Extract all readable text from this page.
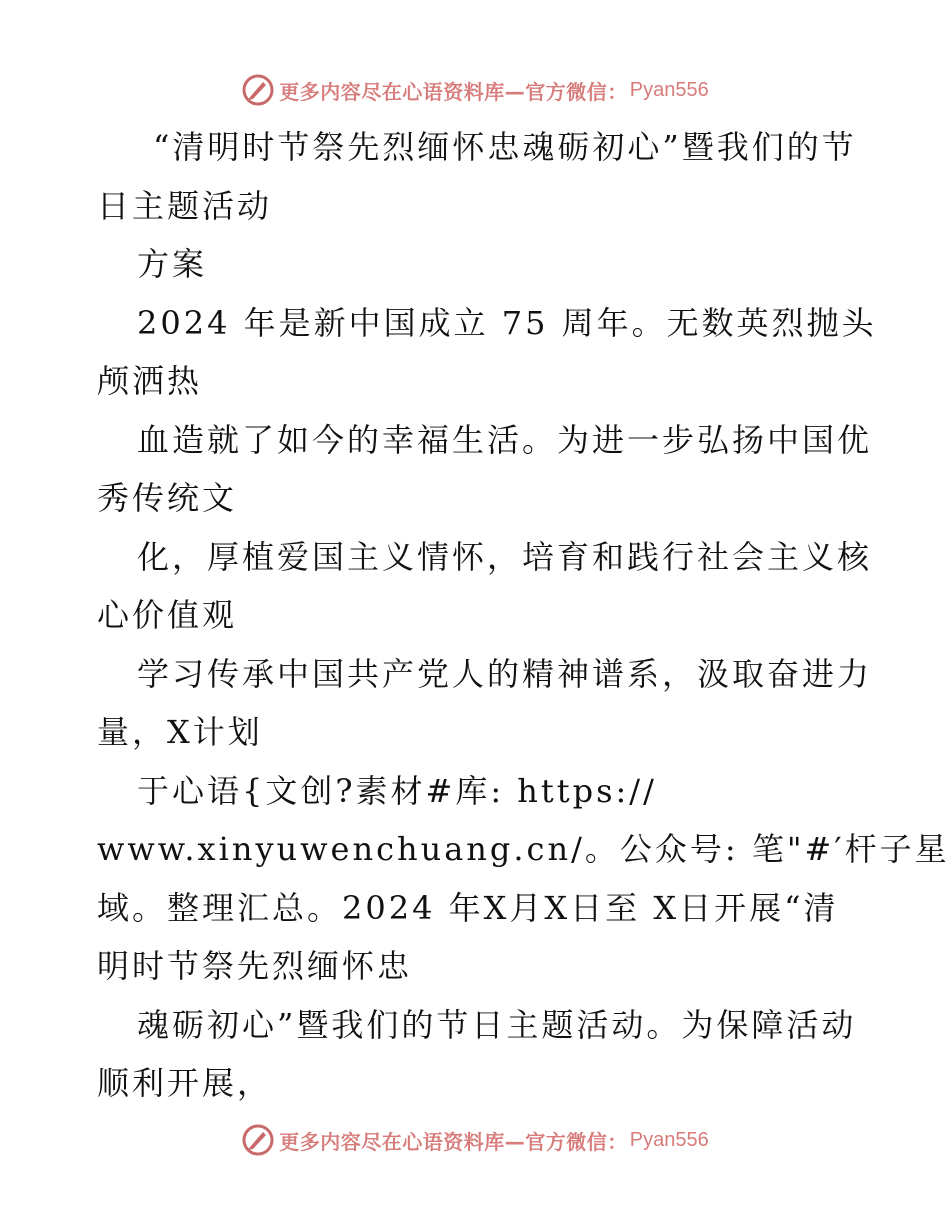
更多内容尽在心语资料库—官方微信： Pyan556
“清明时节祭先烈缅怀忠魂砺初心”暨我们的节
日主题活动
方案
2024 年是新中国成立 75 周年。无数英烈抛头
颅洒热
血造就了如今的幸福生活。为进一步弘扬中国优
秀传统文
化，厚植爱国主义情怀，培育和践行社会主义核
心价值观
学习传承中国共产党人的精神谱系，汲取奋进力
量，X计划
于心语{文创?素材#库: https://
www.xinyuwenchuang.cn/。公众号: 笔"#′杆子星
域。整理汇总。2024 年X月X日至 X日开展“清
明时节祭先烈缅怀忠
魂砺初心”暨我们的节日主题活动。为保障活动
顺利开展，
更多内容尽在心语资料库—官方微信： Pyan556
